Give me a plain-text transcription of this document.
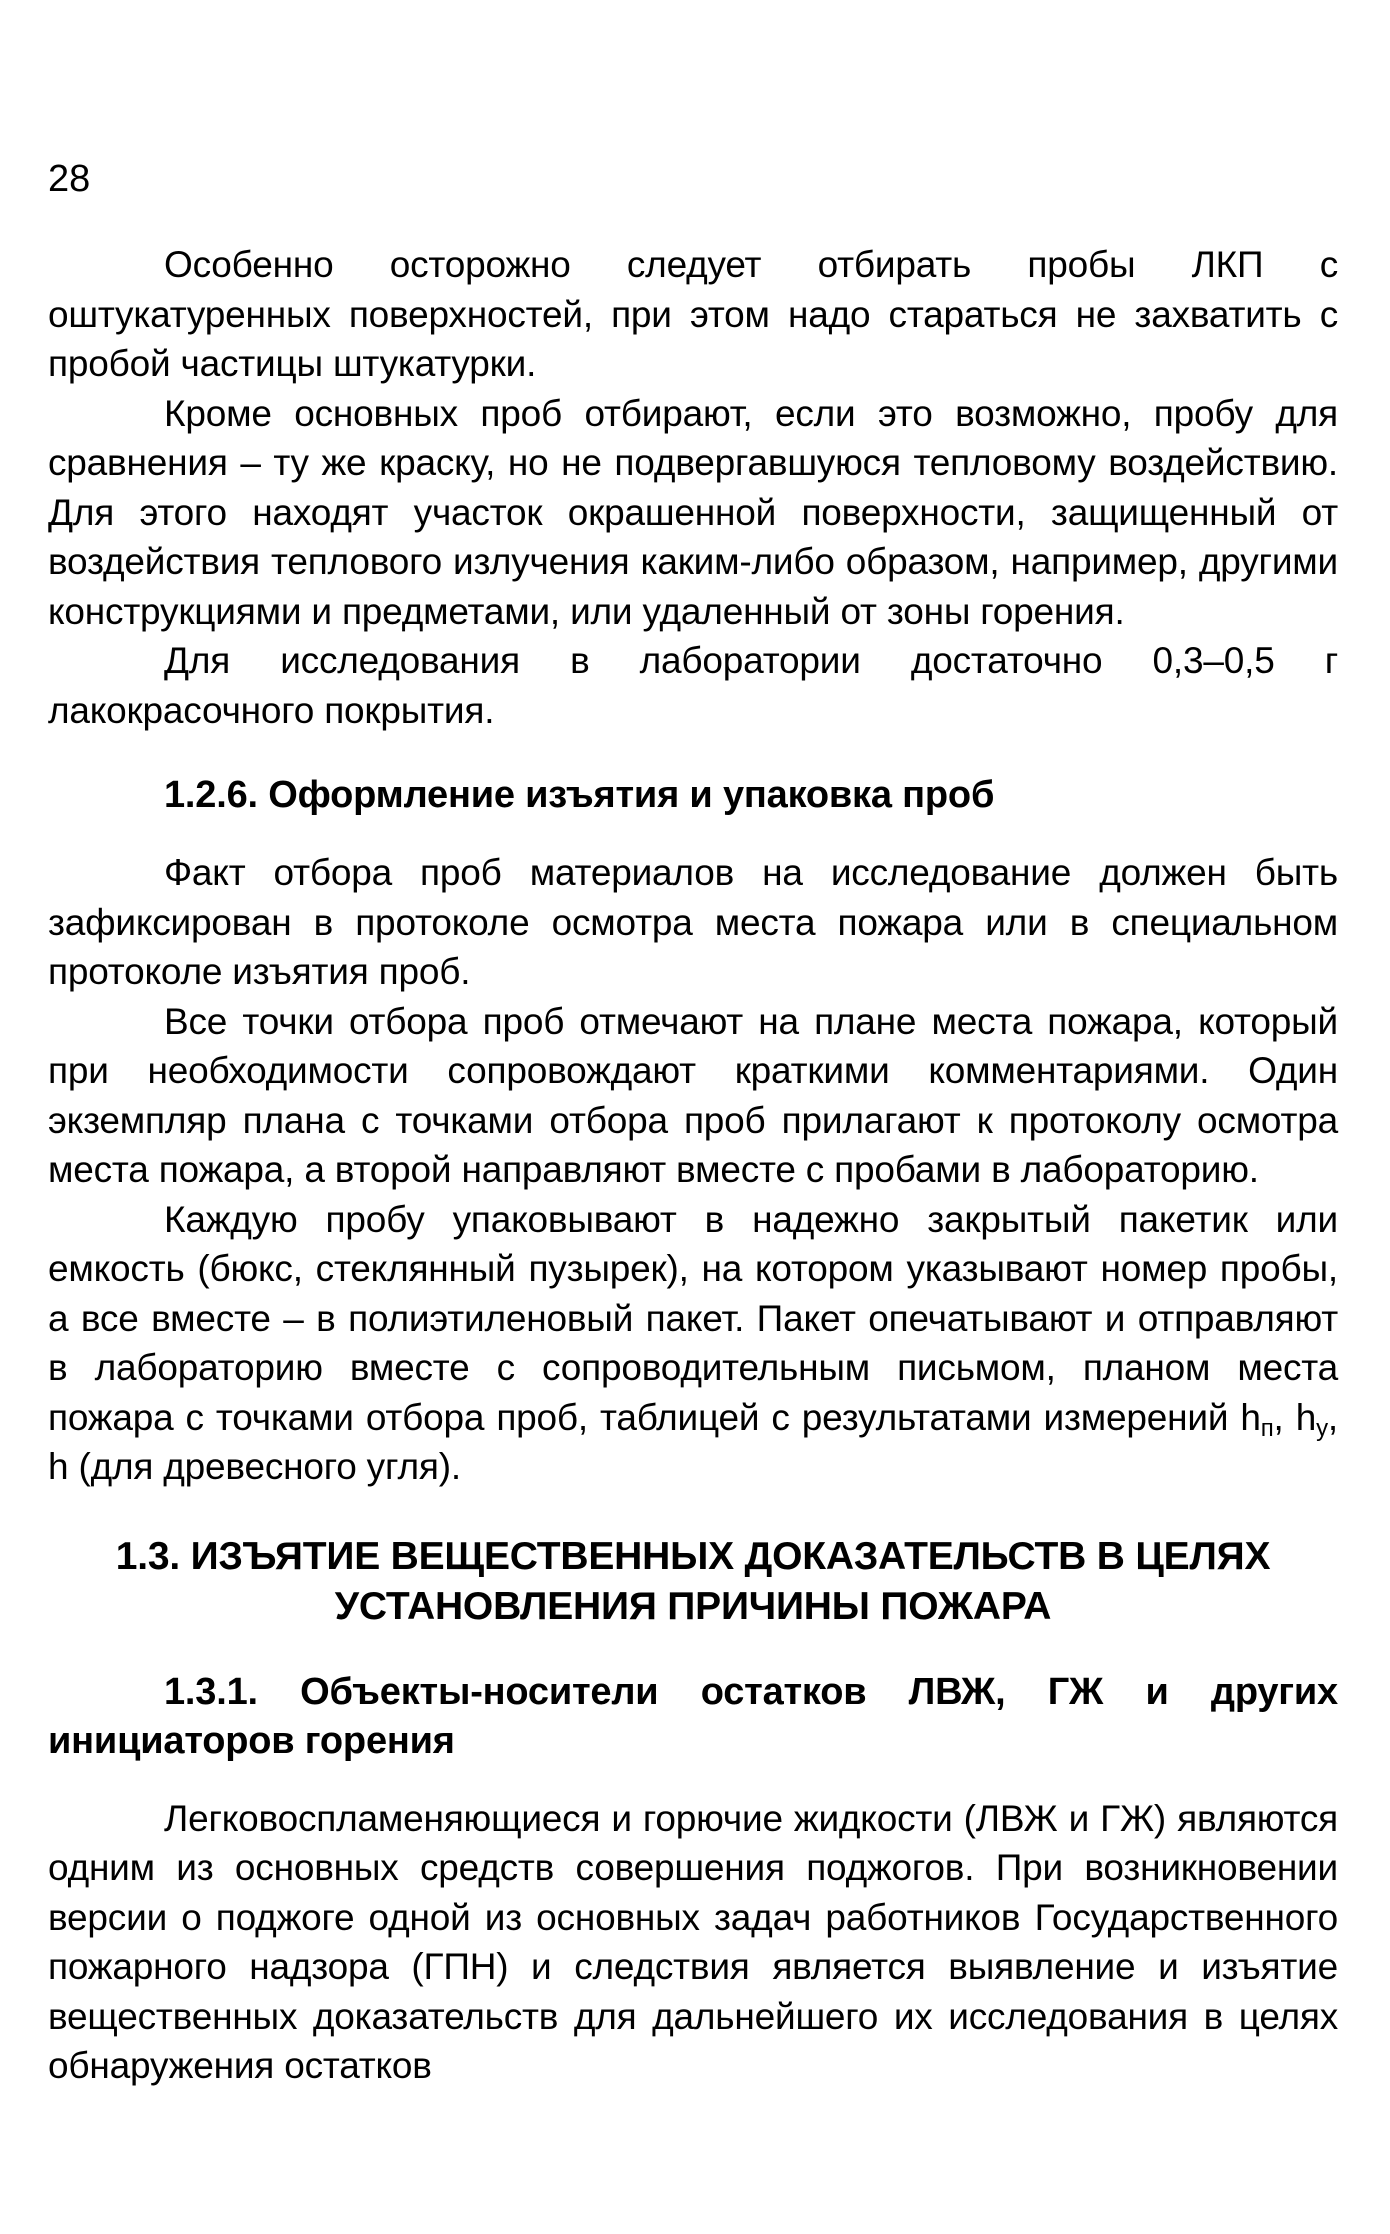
28

Особенно осторожно следует отбирать пробы ЛКП с оштукатуренных поверхностей, при этом надо стараться не захватить с пробой частицы штукатурки.

Кроме основных проб отбирают, если это возможно, пробу для сравнения – ту же краску, но не подвергавшуюся тепловому воздействию. Для этого находят участок окрашенной поверхности, защищенный от воздействия теплового излучения каким-либо образом, например, другими конструкциями и предметами, или удаленный от зоны горения.

Для исследования в лаборатории достаточно 0,3–0,5 г лакокрасочного покрытия.

1.2.6. Оформление изъятия и упаковка проб

Факт отбора проб материалов на исследование должен быть зафиксирован в протоколе осмотра места пожара или в специальном протоколе изъятия проб.

Все точки отбора проб отмечают на плане места пожара, который при необходимости сопровождают краткими комментариями. Один экземпляр плана с точками отбора проб прилагают к протоколу осмотра места пожара, а второй направляют вместе с пробами в лабораторию.

Каждую пробу упаковывают в надежно закрытый пакетик или емкость (бюкс, стеклянный пузырек), на котором указывают номер пробы, а все вместе – в полиэтиленовый пакет. Пакет опечатывают и отправляют в лабораторию вместе с сопроводительным письмом, планом места пожара с точками отбора проб, таблицей с результатами измерений $h_п$, $h_у$, h (для древесного угля).

1.3. ИЗЪЯТИЕ ВЕЩЕСТВЕННЫХ ДОКАЗАТЕЛЬСТВ В ЦЕЛЯХ
УСТАНОВЛЕНИЯ ПРИЧИНЫ ПОЖАРА
1.3.1. Объекты-носители остатков ЛВЖ, ГЖ и других инициаторов горения

Легковоспламеняющиеся и горючие жидкости (ЛВЖ и ГЖ) являются одним из основных средств совершения поджогов. При возникновении версии о поджоге одной из основных задач работников Государственного пожарного надзора (ГПН) и следствия является выявление и изъятие вещественных доказательств для дальнейшего их исследования в целях обнаружения остатков
